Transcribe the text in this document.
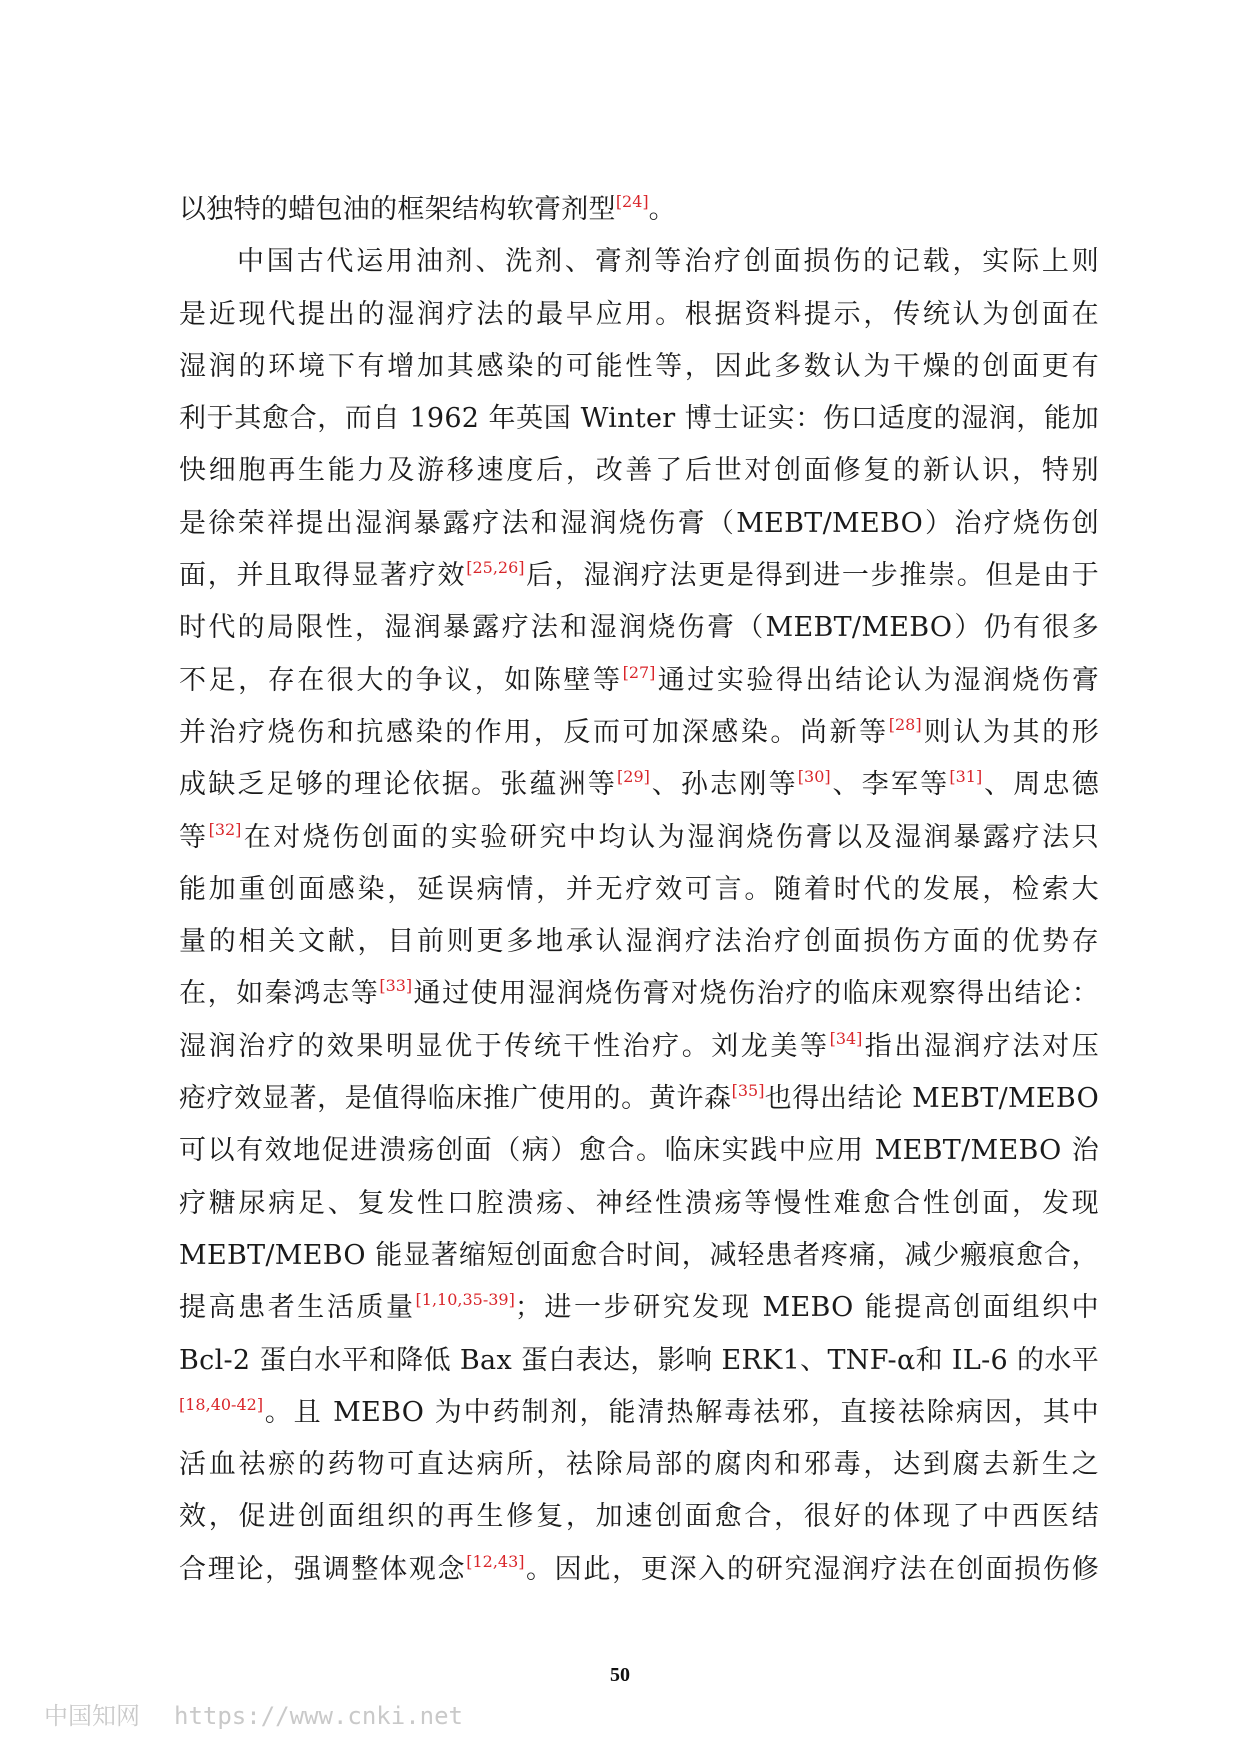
以独特的蜡包油的框架结构软膏剂型[24]。
中国古代运用油剂、洗剂、膏剂等治疗创面损伤的记载，实际上则
是近现代提出的湿润疗法的最早应用。根据资料提示，传统认为创面在
湿润的环境下有增加其感染的可能性等，因此多数认为干燥的创面更有
利于其愈合，而自 1962 年英国 Winter 博士证实：伤口适度的湿润，能加
快细胞再生能力及游移速度后，改善了后世对创面修复的新认识，特别
是徐荣祥提出湿润暴露疗法和湿润烧伤膏（MEBT/MEBO）治疗烧伤创
面，并且取得显著疗效[25,26]后，湿润疗法更是得到进一步推崇。但是由于
时代的局限性，湿润暴露疗法和湿润烧伤膏（MEBT/MEBO）仍有很多
不足，存在很大的争议，如陈壁等[27]通过实验得出结论认为湿润烧伤膏
并治疗烧伤和抗感染的作用，反而可加深感染。尚新等[28]则认为其的形
成缺乏足够的理论依据。张蕴洲等[29]、孙志刚等[30]、李军等[31]、周忠德
等[32]在对烧伤创面的实验研究中均认为湿润烧伤膏以及湿润暴露疗法只
能加重创面感染，延误病情，并无疗效可言。随着时代的发展，检索大
量的相关文献，目前则更多地承认湿润疗法治疗创面损伤方面的优势存
在，如秦鸿志等[33]通过使用湿润烧伤膏对烧伤治疗的临床观察得出结论：
湿润治疗的效果明显优于传统干性治疗。刘龙美等[34]指出湿润疗法对压
疮疗效显著，是值得临床推广使用的。黄许森[35]也得出结论 MEBT/MEBO
可以有效地促进溃疡创面（病）愈合。临床实践中应用 MEBT/MEBO 治
疗糖尿病足、复发性口腔溃疡、神经性溃疡等慢性难愈合性创面，发现
MEBT/MEBO 能显著缩短创面愈合时间，减轻患者疼痛，减少瘢痕愈合，
提高患者生活质量[1,10,35-39]；进一步研究发现 MEBO 能提高创面组织中
Bcl-2 蛋白水平和降低 Bax 蛋白表达，影响 ERK1、TNF-α和 IL-6 的水平
[18,40-42]。且 MEBO 为中药制剂，能清热解毒祛邪，直接祛除病因，其中
活血祛瘀的药物可直达病所，祛除局部的腐肉和邪毒，达到腐去新生之
效，促进创面组织的再生修复，加速创面愈合，很好的体现了中西医结
合理论，强调整体观念[12,43]。因此，更深入的研究湿润疗法在创面损伤修
50
中国知网 https://www.cnki.net
